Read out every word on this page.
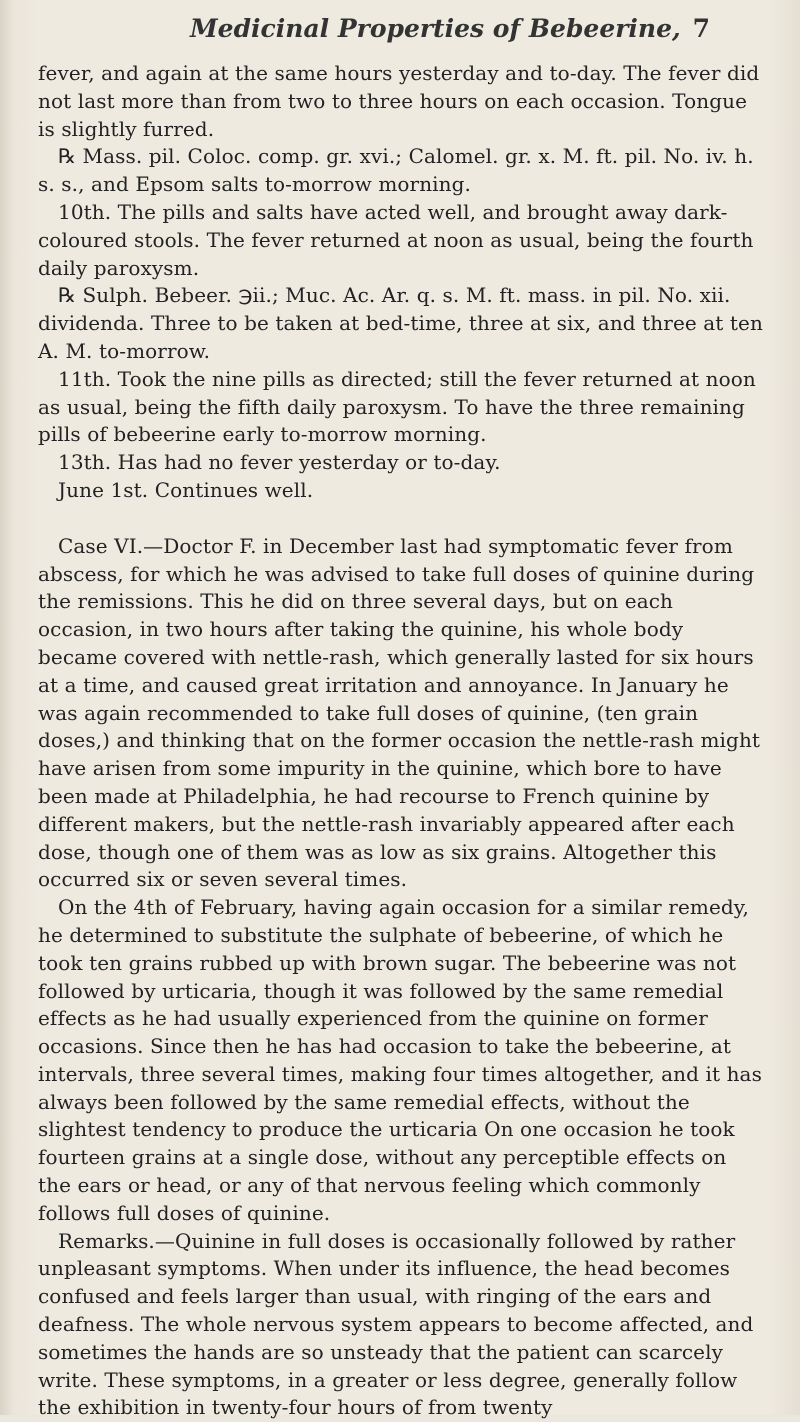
Medicinal Properties of Bebeerine, 7

fever, and again at the same hours yesterday and to-day. The fever did not last more than from two to three hours on each occasion. Tongue is slightly furred.

℞ Mass. pil. Coloc. comp. gr. xvi.; Calomel. gr. x. M. ft. pil. No. iv. h. s. s., and Epsom salts to-morrow morning.

10th. The pills and salts have acted well, and brought away dark-coloured stools. The fever returned at noon as usual, being the fourth daily paroxysm.

℞ Sulph. Bebeer. ℈ii.; Muc. Ac. Ar. q. s. M. ft. mass. in pil. No. xii. dividenda. Three to be taken at bed-time, three at six, and three at ten A. M. to-morrow.

11th. Took the nine pills as directed; still the fever returned at noon as usual, being the fifth daily paroxysm. To have the three remaining pills of bebeerine early to-morrow morning.

13th. Has had no fever yesterday or to-day.

June 1st. Continues well.

Case VI.—Doctor F. in December last had symptomatic fever from abscess, for which he was advised to take full doses of quinine during the remissions. This he did on three several days, but on each occasion, in two hours after taking the quinine, his whole body became covered with nettle-rash, which generally lasted for six hours at a time, and caused great irritation and annoyance. In January he was again recommended to take full doses of quinine, (ten grain doses,) and thinking that on the former occasion the nettle-rash might have arisen from some impurity in the quinine, which bore to have been made at Philadelphia, he had recourse to French quinine by different makers, but the nettle-rash invariably appeared after each dose, though one of them was as low as six grains. Altogether this occurred six or seven several times.

On the 4th of February, having again occasion for a similar remedy, he determined to substitute the sulphate of bebeerine, of which he took ten grains rubbed up with brown sugar. The bebeerine was not followed by urticaria, though it was followed by the same remedial effects as he had usually experienced from the quinine on former occasions. Since then he has had occasion to take the bebeerine, at intervals, three several times, making four times altogether, and it has always been followed by the same remedial effects, without the slightest tendency to produce the urticaria On one occasion he took fourteen grains at a single dose, without any perceptible effects on the ears or head, or any of that nervous feeling which commonly follows full doses of quinine.

Remarks.—Quinine in full doses is occasionally followed by rather unpleasant symptoms. When under its influence, the head becomes confused and feels larger than usual, with ringing of the ears and deafness. The whole nervous system appears to become affected, and sometimes the hands are so unsteady that the patient can scarcely write. These symptoms, in a greater or less degree, generally follow the exhibition in twenty-four hours of from twenty
